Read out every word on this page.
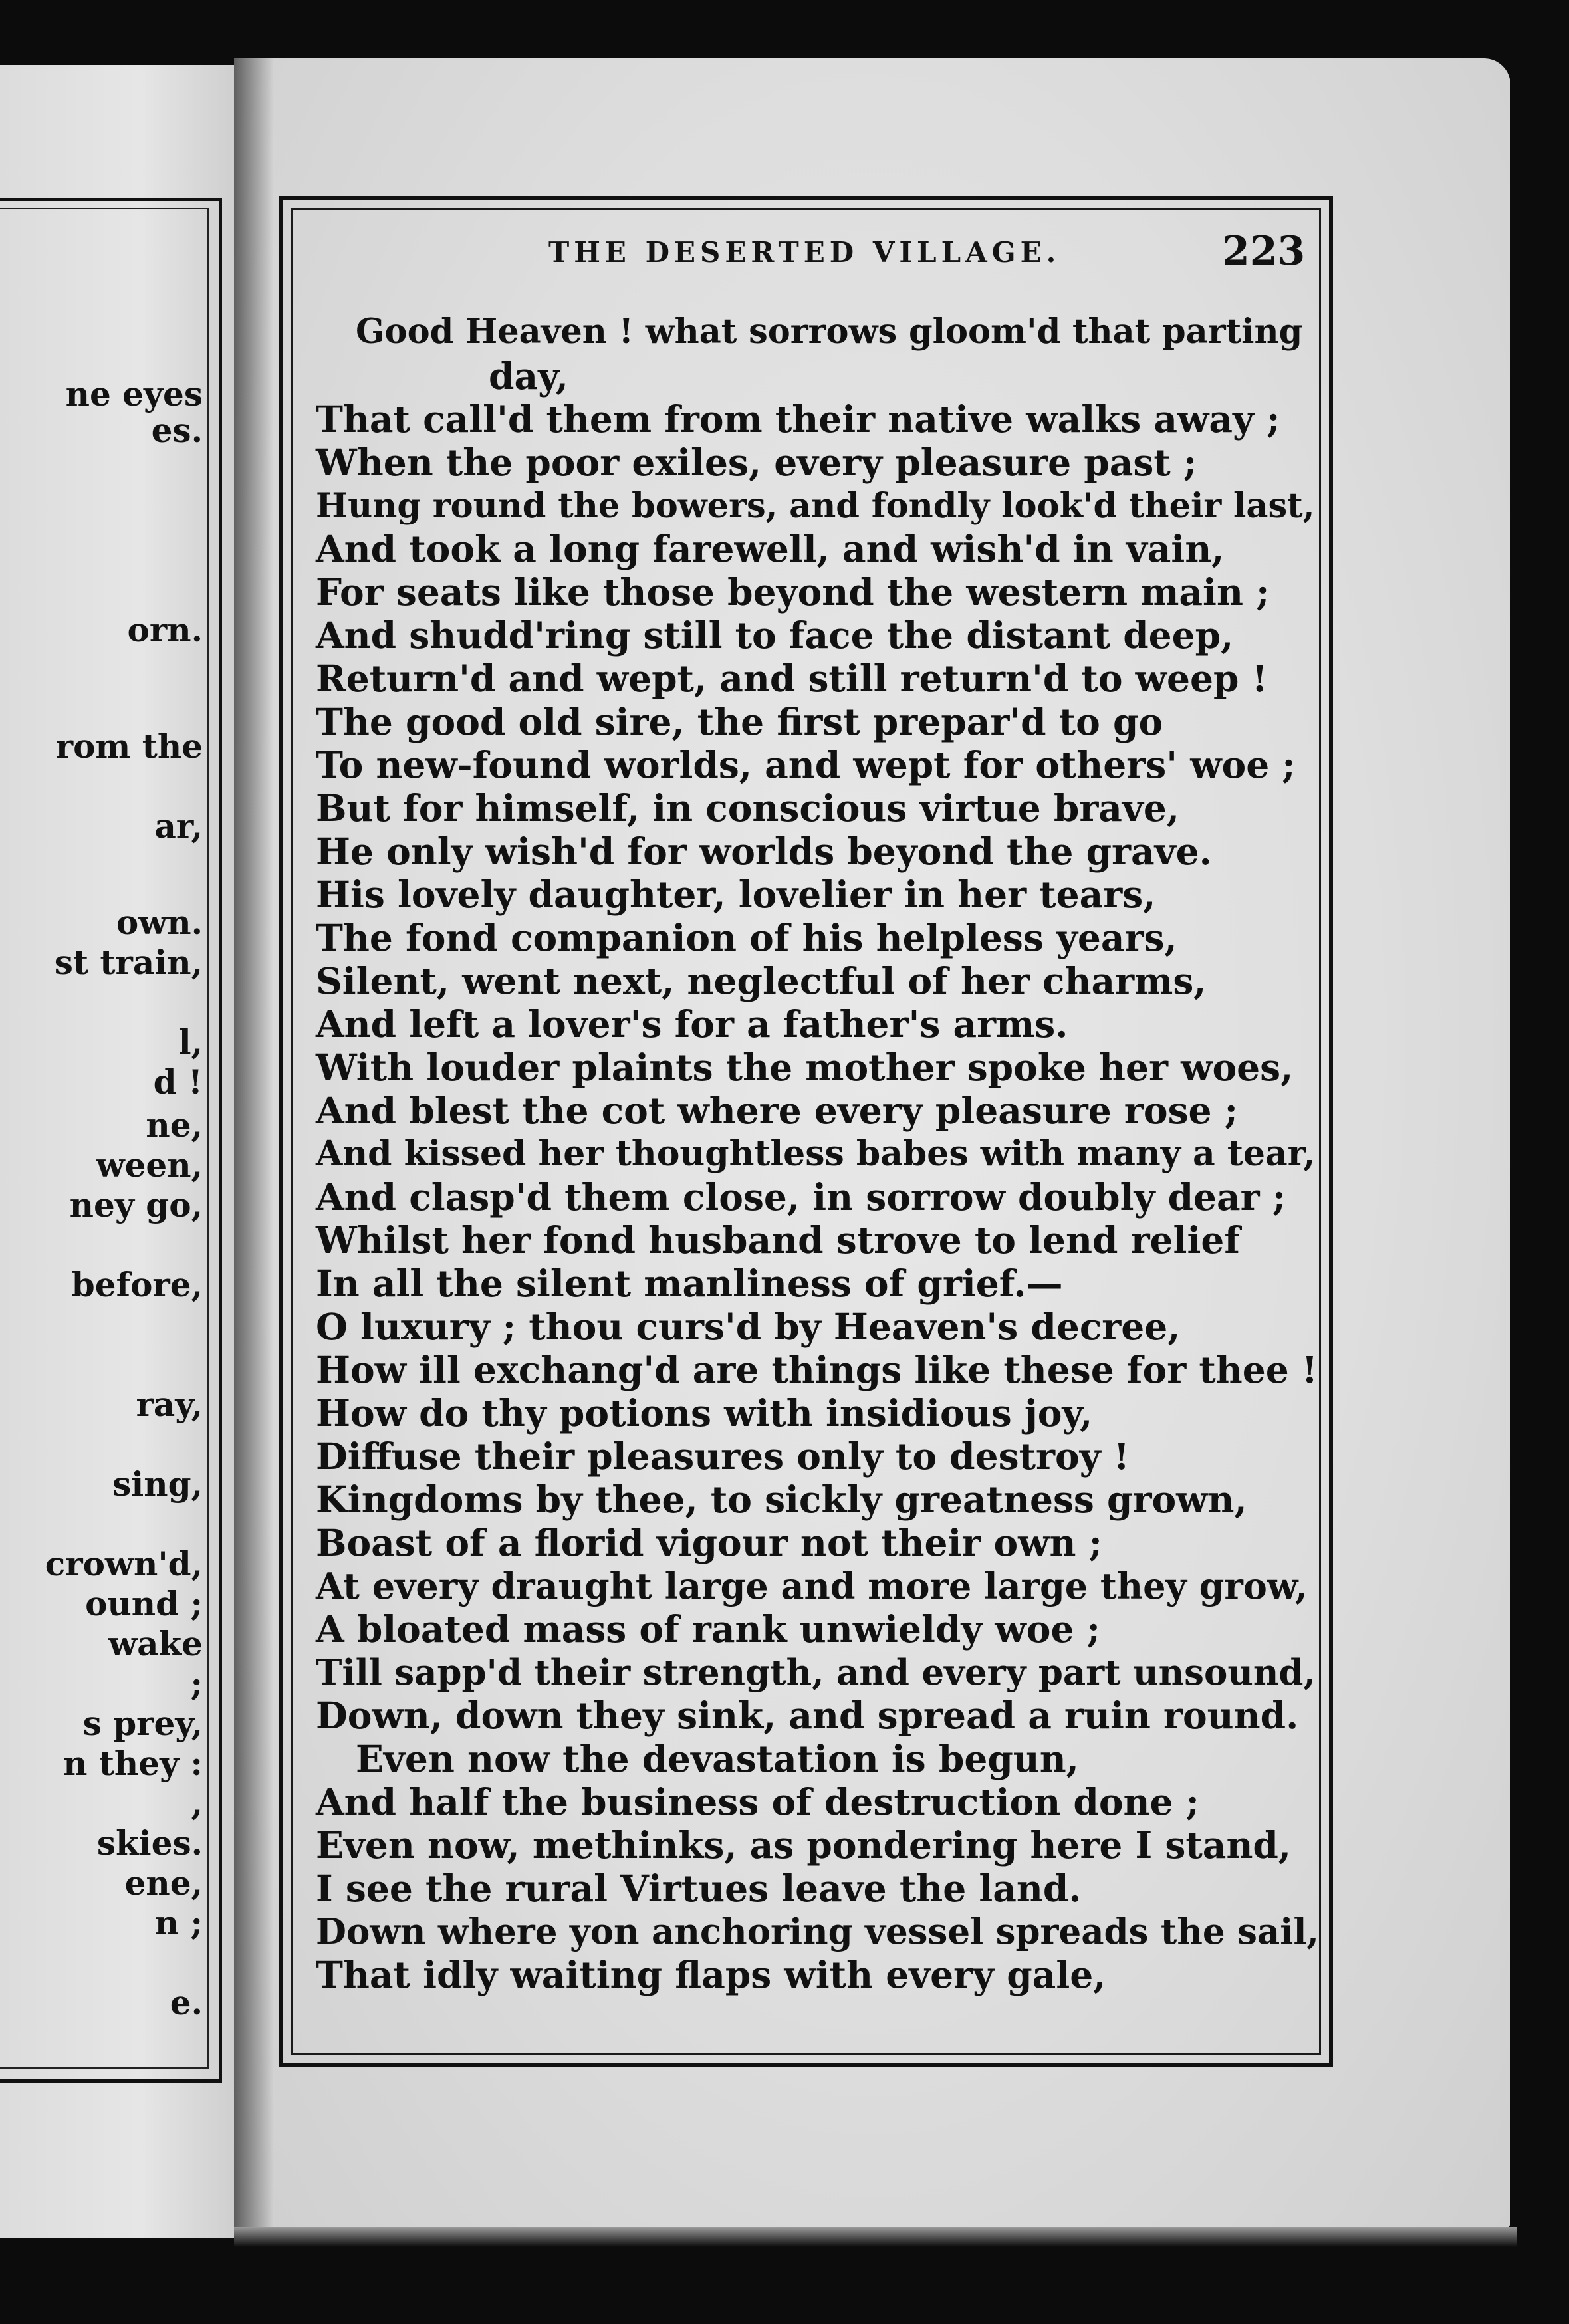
ne eyes
es.
orn.
rom the
ar,
own.
st train,
l,
d !
ne,
ween,
ney go,
before,
ray,
sing,
crown'd,
ound ;
wake
;
s prey,
n they :
,
skies.
ene,
n ;
e.
THE DESERTED VILLAGE.	223
Good Heaven ! what sorrows gloom'd that parting
day,
That call'd them from their native walks away ;
When the poor exiles, every pleasure past ;
Hung round the bowers, and fondly look'd their last,
And took a long farewell, and wish'd in vain,
For seats like those beyond the western main ;
And shudd'ring still to face the distant deep,
Return'd and wept, and still return'd to weep !
The good old sire, the first prepar'd to go
To new-found worlds, and wept for others' woe ;
But for himself, in conscious virtue brave,
He only wish'd for worlds beyond the grave.
His lovely daughter, lovelier in her tears,
The fond companion of his helpless years,
Silent, went next, neglectful of her charms,
And left a lover's for a father's arms.
With louder plaints the mother spoke her woes,
And blest the cot where every pleasure rose ;
And kissed her thoughtless babes with many a tear,
And clasp'd them close, in sorrow doubly dear ;
Whilst her fond husband strove to lend relief
In all the silent manliness of grief.—
O luxury ; thou curs'd by Heaven's decree,
How ill exchang'd are things like these for thee !
How do thy potions with insidious joy,
Diffuse their pleasures only to destroy !
Kingdoms by thee, to sickly greatness grown,
Boast of a florid vigour not their own ;
At every draught large and more large they grow,
A bloated mass of rank unwieldy woe ;
Till sapp'd their strength, and every part unsound,
Down, down they sink, and spread a ruin round.
Even now the devastation is begun,
And half the business of destruction done ;
Even now, methinks, as pondering here I stand,
I see the rural Virtues leave the land.
Down where yon anchoring vessel spreads the sail,
That idly waiting flaps with every gale,
